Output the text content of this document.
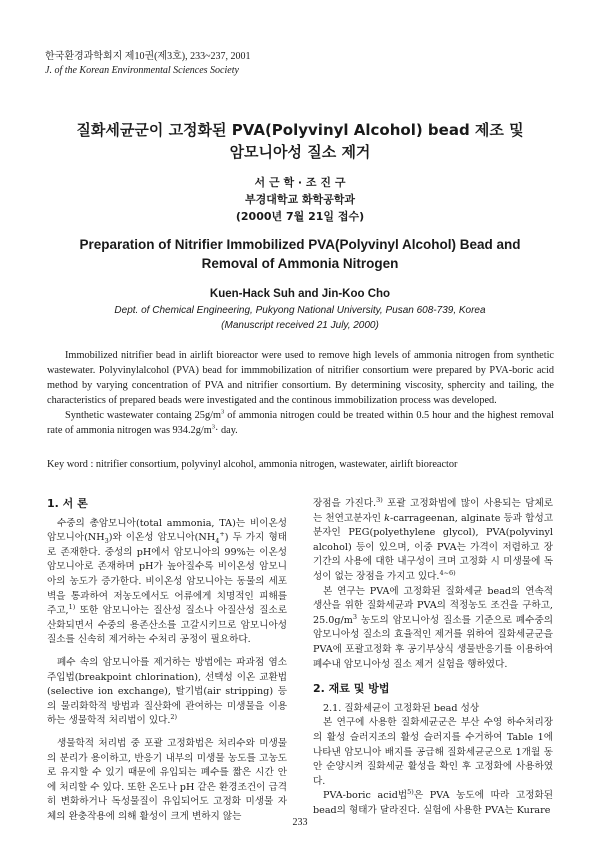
한국환경과학회지 제10권(제3호), 233~237, 2001
J. of the Korean Environmental Sciences Society
질화세균군이 고정화된 PVA(Polyvinyl Alcohol) bead 제조 및
암모니아성 질소 제거
서 근 학 · 조 진 구
부경대학교 화학공학과
(2000년 7월 21일 접수)
Preparation of Nitrifier Immobilized PVA(Polyvinyl Alcohol) Bead and
Removal of Ammonia Nitrogen
Kuen-Hack Suh and Jin-Koo Cho
Dept. of Chemical Engineering, Pukyong National University, Pusan 608-739, Korea
(Manuscript received 21 July, 2000)

Immobilized nitrifier bead in airlift bioreactor were used to remove high levels of ammonia nitrogen from synthetic wastewater. Polyvinylalcohol (PVA) bead for immmobilization of nitrifier consortium were prepared by PVA-boric acid method by varying concentration of PVA and nitrifier consortium. By determining viscosity, sphercity and tailing, the characteristics of prepared beads were investigated and the continous immobilization process was developed.

Synthetic wastewater containg $25g/m^3$ of ammonia nitrogen could be treated within 0.5 hour and the highest removal rate of ammonia nitrogen was $934.2g/m^3\cdot$ day.

Key word : nitrifier consortium, polyvinyl alcohol, ammonia nitrogen, wastewater, airlift bioreactor
1. 서 론

수중의 총암모니아(total ammonia, TA)는 비이온성 암모니아$(NH_3)$와 이온성 암모니아$(NH_4^+)$ 두 가지 형태로 존재한다. 중성의 pH에서 암모니아의 99%는 이온성 암모니아로 존재하며 pH가 높아질수록 비이온성 암모니아의 농도가 증가한다. 비이온성 암모니아는 동물의 세포벽을 통과하여 저농도에서도 어류에게 치명적인 피해를 주고,$^{1)}$ 또한 암모니아는 질산성 질소나 아질산성 질소로 산화되면서 수중의 용존산소를 고갈시키므로 암모니아성 질소를 신속히 제거하는 수처리 공정이 필요하다.

폐수 속의 암모니아를 제거하는 방법에는 파과점 염소 주입법(breakpoint chlorination), 선택성 이온 교환법(selective ion exchange), 탈기법(air stripping) 등의 물리화학적 방법과 질산화에 관여하는 미생물을 이용하는 생물학적 처리법이 있다.$^{2)}$

생물학적 처리법 중 포괄 고정화법은 처리수와 미생물의 분리가 용이하고, 반응기 내부의 미생물 농도를 고농도로 유지할 수 있기 때문에 유입되는 폐수를 짧은 시간 안에 처리할 수 있다. 또한 온도나 pH 같은 환경조건이 급격히 변화하거나 독성물질이 유입되어도 고정화 미생물 자체의 완충작용에 의해 활성이 크게 변하지 않는

장점을 가진다.$^{3)}$ 포괄 고정화법에 많이 사용되는 담체로는 천연고분자인 k-carrageenan, alginate 등과 합성고분자인 PEG(polyethylene glycol), PVA(polyvinyl alcohol) 등이 있으며, 이중 PVA는 가격이 저렴하고 장기간의 사용에 대한 내구성이 크며 고정화 시 미생물에 독성이 없는 장점을 가지고 있다.$^{4\sim 6)}$

본 연구는 PVA에 고정화된 질화세균 bead의 연속적 생산을 위한 질화세균과 PVA의 적정농도 조건을 구하고, $25.0g/m^3$ 농도의 암모니아성 질소를 기준으로 폐수중의 암모니아성 질소의 효율적인 제거를 위하여 질화세균군을 PVA에 포괄고정화 후 공기부상식 생물반응기를 이용하여 폐수내 암모니아성 질소 제거 실험을 행하였다.

2. 재료 및 방법

2.1. 질화세균이 고정화된 bead 성상

본 연구에 사용한 질화세균군은 부산 수영 하수처리장의 활성 슬러지조의 활성 슬러지를 수거하여 Table 1에 나타낸 암모니아 배지를 공급해 질화세균군으로 1개월 동안 순양시켜 질화세균 활성을 확인 후 고정화에 사용하였다.

PVA-boric acid법$^{5)}$은 PVA 농도에 따라 고정화된 bead의 형태가 달라진다. 실험에 사용한 PVA는 Kurare

233
